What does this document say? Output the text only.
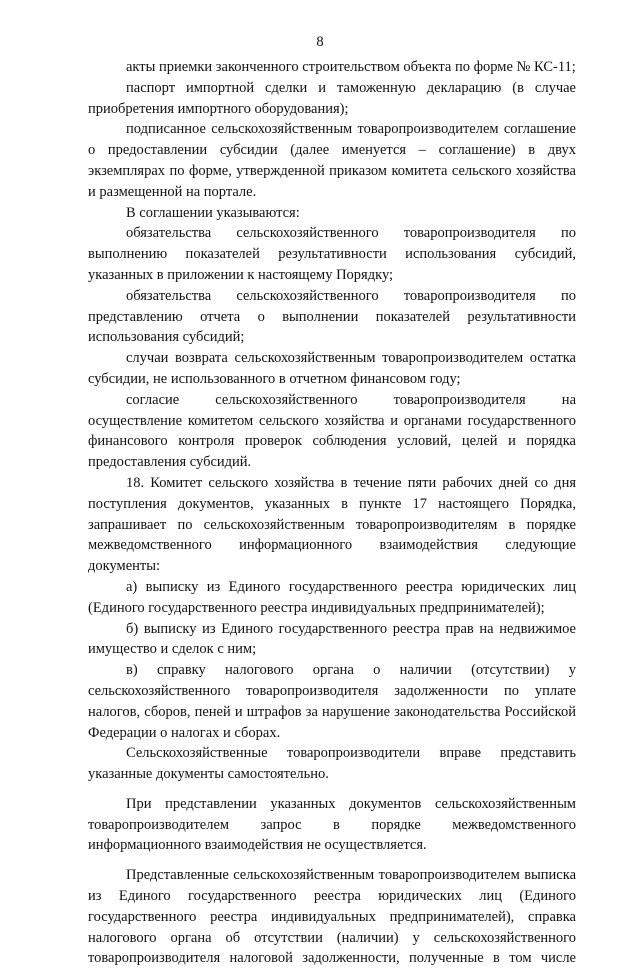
8

акты приемки законченного строительством объекта по форме № КС-11;

паспорт импортной сделки и таможенную декларацию (в случае приобретения импортного оборудования);

подписанное сельскохозяйственным товаропроизводителем соглашение о предоставлении субсидии (далее именуется – соглашение) в двух экземплярах по форме, утвержденной приказом комитета сельского хозяйства и размещенной на портале.

В соглашении указываются:

обязательства сельскохозяйственного товаропроизводителя по выполнению показателей результативности использования субсидий, указанных в приложении к настоящему Порядку;

обязательства сельскохозяйственного товаропроизводителя по представлению отчета о выполнении показателей результативности использования субсидий;

случаи возврата сельскохозяйственным товаропроизводителем остатка субсидии, не использованного в отчетном финансовом году;

согласие сельскохозяйственного товаропроизводителя на осуществление комитетом сельского хозяйства и органами государственного финансового контроля проверок соблюдения условий, целей и порядка предоставления субсидий.

18. Комитет сельского хозяйства в течение пяти рабочих дней со дня поступления документов, указанных в пункте 17 настоящего Порядка, запрашивает по сельскохозяйственным товаропроизводителям в порядке межведомственного информационного взаимодействия следующие документы:

а) выписку из Единого государственного реестра юридических лиц (Единого государственного реестра индивидуальных предпринимателей);

б) выписку из Единого государственного реестра прав на недвижимое имущество и сделок с ним;

в) справку налогового органа о наличии (отсутствии) у сельскохозяйственного товаропроизводителя задолженности по уплате налогов, сборов, пеней и штрафов за нарушение законодательства Российской Федерации о налогах и сборах.

Сельскохозяйственные товаропроизводители вправе представить указанные документы самостоятельно.

При представлении указанных документов сельскохозяйственным товаропроизводителем запрос в порядке межведомственного информационного взаимодействия не осуществляется.

Представленные сельскохозяйственным товаропроизводителем выписка из Единого государственного реестра юридических лиц (Единого государственного реестра индивидуальных предпринимателей), справка налогового органа об отсутствии (наличии) у сельскохозяйственного товаропроизводителя налоговой задолженности, полученные в том числе
